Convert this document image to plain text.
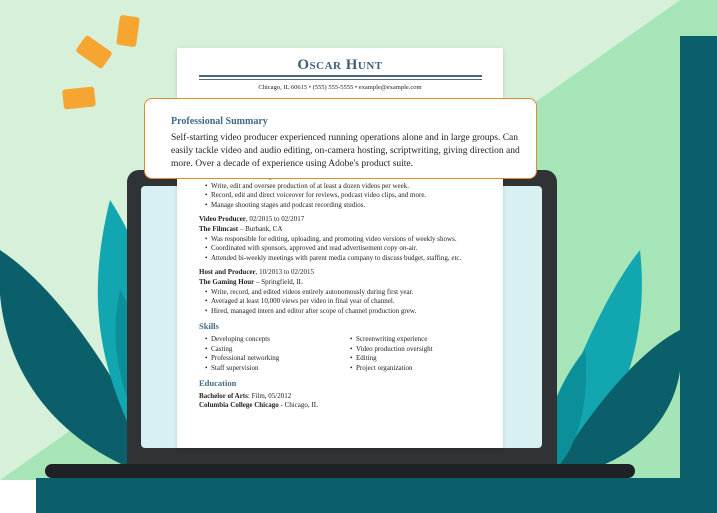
Oscar Hunt
Chicago, IL 60615 • (555) 555-5555 • example@example.com
• Write, edit and oversee production of at least a dozen videos per week.
• Record, edit and direct voiceover for reviews, podcast video clips, and more.
• Manage shooting stages and podcast recording studios.
Video Producer, 02/2015 to 02/2017
The Filmcast – Burbank, CA
• Was responsible for editing, uploading, and promoting video versions of weekly shows.
• Coordinated with sponsors, approved and read advertisement copy on-air.
• Attended bi-weekly meetings with parent media company to discuss budget, staffing, etc.
Host and Producer, 10/2013 to 02/2015
The Gaming Hour – Springfield, IL
• Write, record, and edited videos entirely autonomously during first year.
• Averaged at least 10,000 views per video in final year of channel.
• Hired, managed intern and editor after scope of channel production grew.
Skills
• Developing concepts
• Casting
• Professional networking
• Staff supervision
• Screenwriting experience
• Video production oversight
• Editing
• Project organization
Education
Bachelor of Arts: Film, 05/2012
Columbia College Chicago - Chicago, IL
Professional Summary
Self-starting video producer experienced running operations alone and in large groups. Can easily tackle video and audio editing, on-camera hosting, scriptwriting, giving direction and more. Over a decade of experience using Adobe's product suite.
